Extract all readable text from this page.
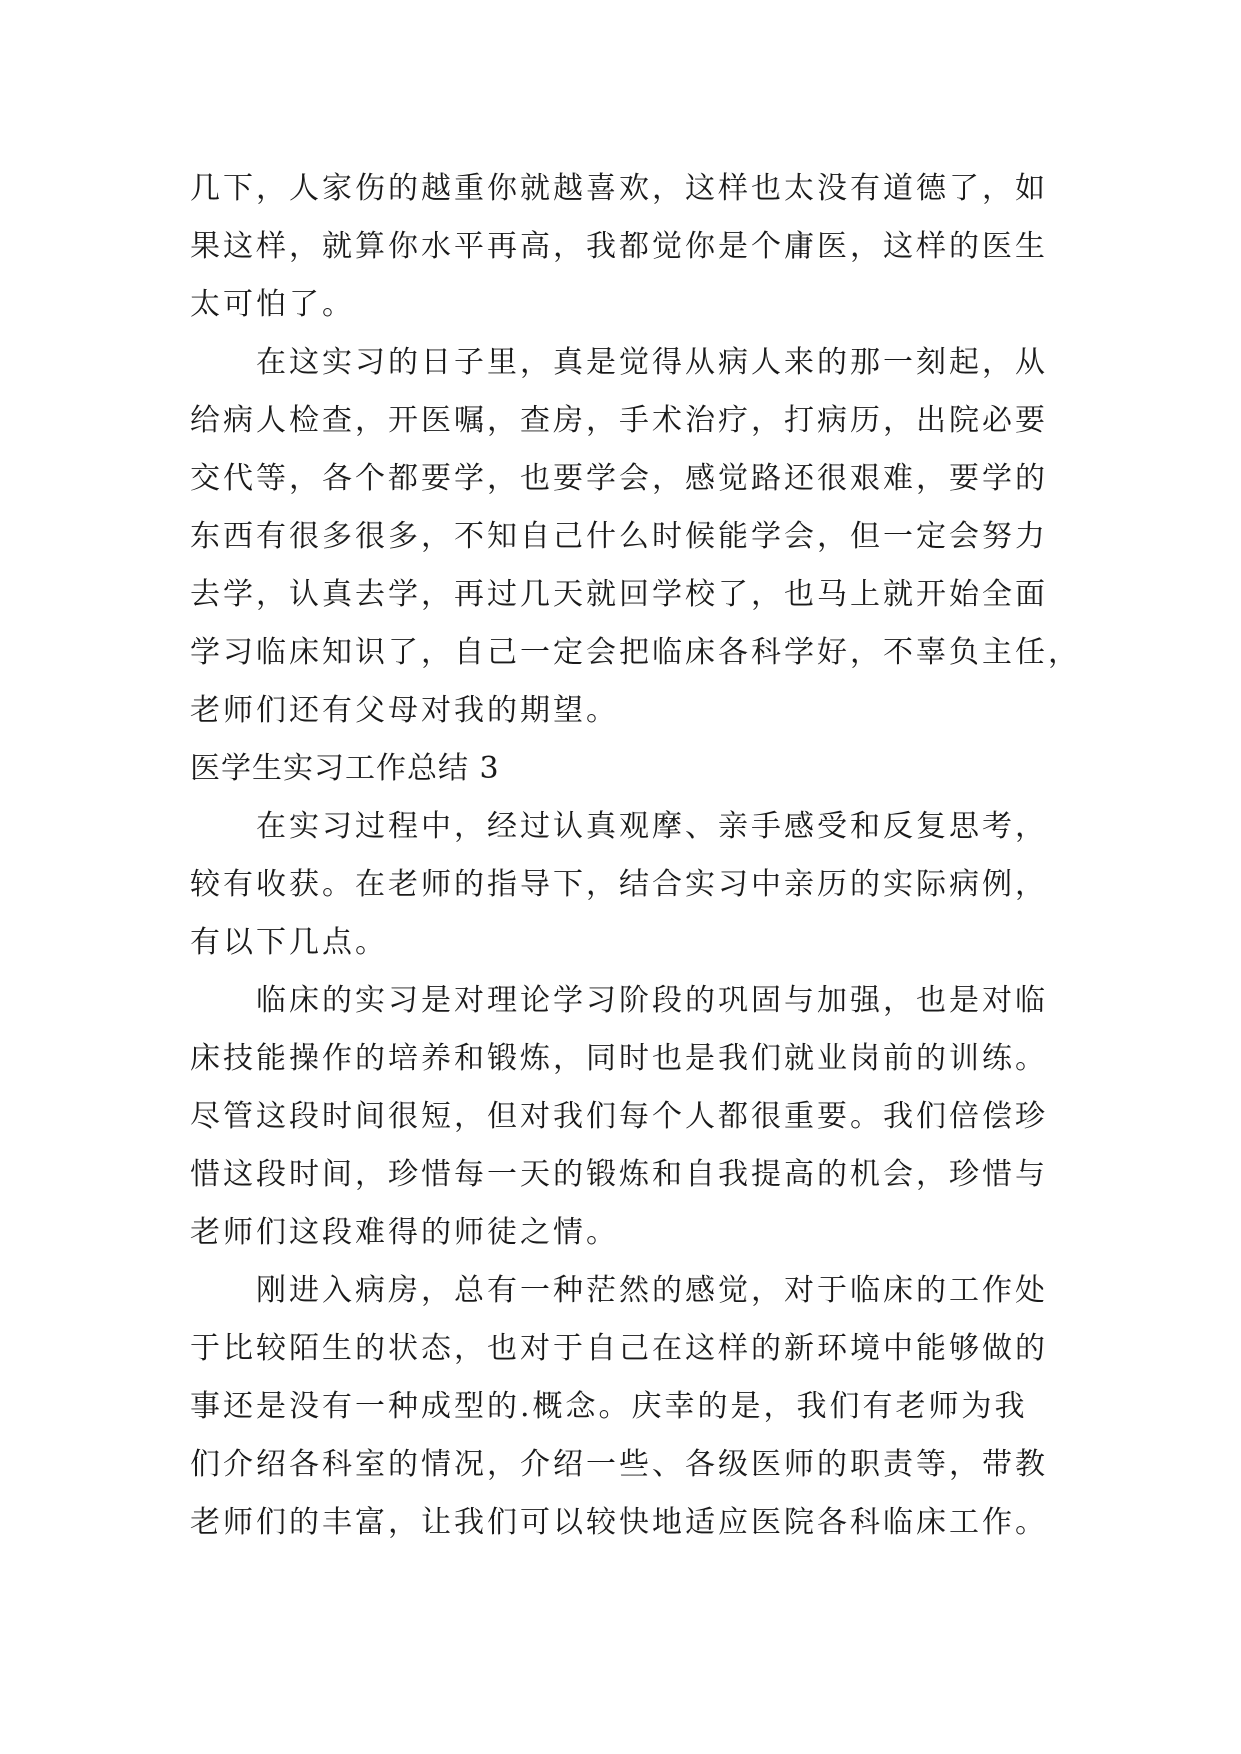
几下，人家伤的越重你就越喜欢，这样也太没有道德了，如
果这样，就算你水平再高，我都觉你是个庸医，这样的医生
太可怕了。

　　在这实习的日子里，真是觉得从病人来的那一刻起，从
给病人检查，开医嘱，查房，手术治疗，打病历，出院必要
交代等，各个都要学，也要学会，感觉路还很艰难，要学的
东西有很多很多，不知自己什么时候能学会，但一定会努力
去学，认真去学，再过几天就回学校了，也马上就开始全面
学习临床知识了，自己一定会把临床各科学好，不辜负主任，
老师们还有父母对我的期望。

医学生实习工作总结 3

　　在实习过程中，经过认真观摩、亲手感受和反复思考，
较有收获。在老师的指导下，结合实习中亲历的实际病例，
有以下几点。

　　临床的实习是对理论学习阶段的巩固与加强，也是对临
床技能操作的培养和锻炼，同时也是我们就业岗前的训练。
尽管这段时间很短，但对我们每个人都很重要。我们倍偿珍
惜这段时间，珍惜每一天的锻炼和自我提高的机会，珍惜与
老师们这段难得的师徒之情。

　　刚进入病房，总有一种茫然的感觉，对于临床的工作处
于比较陌生的状态，也对于自己在这样的新环境中能够做的
事还是没有一种成型的.概念。庆幸的是，我们有老师为我
们介绍各科室的情况，介绍一些、各级医师的职责等，带教
老师们的丰富，让我们可以较快地适应医院各科临床工作。
